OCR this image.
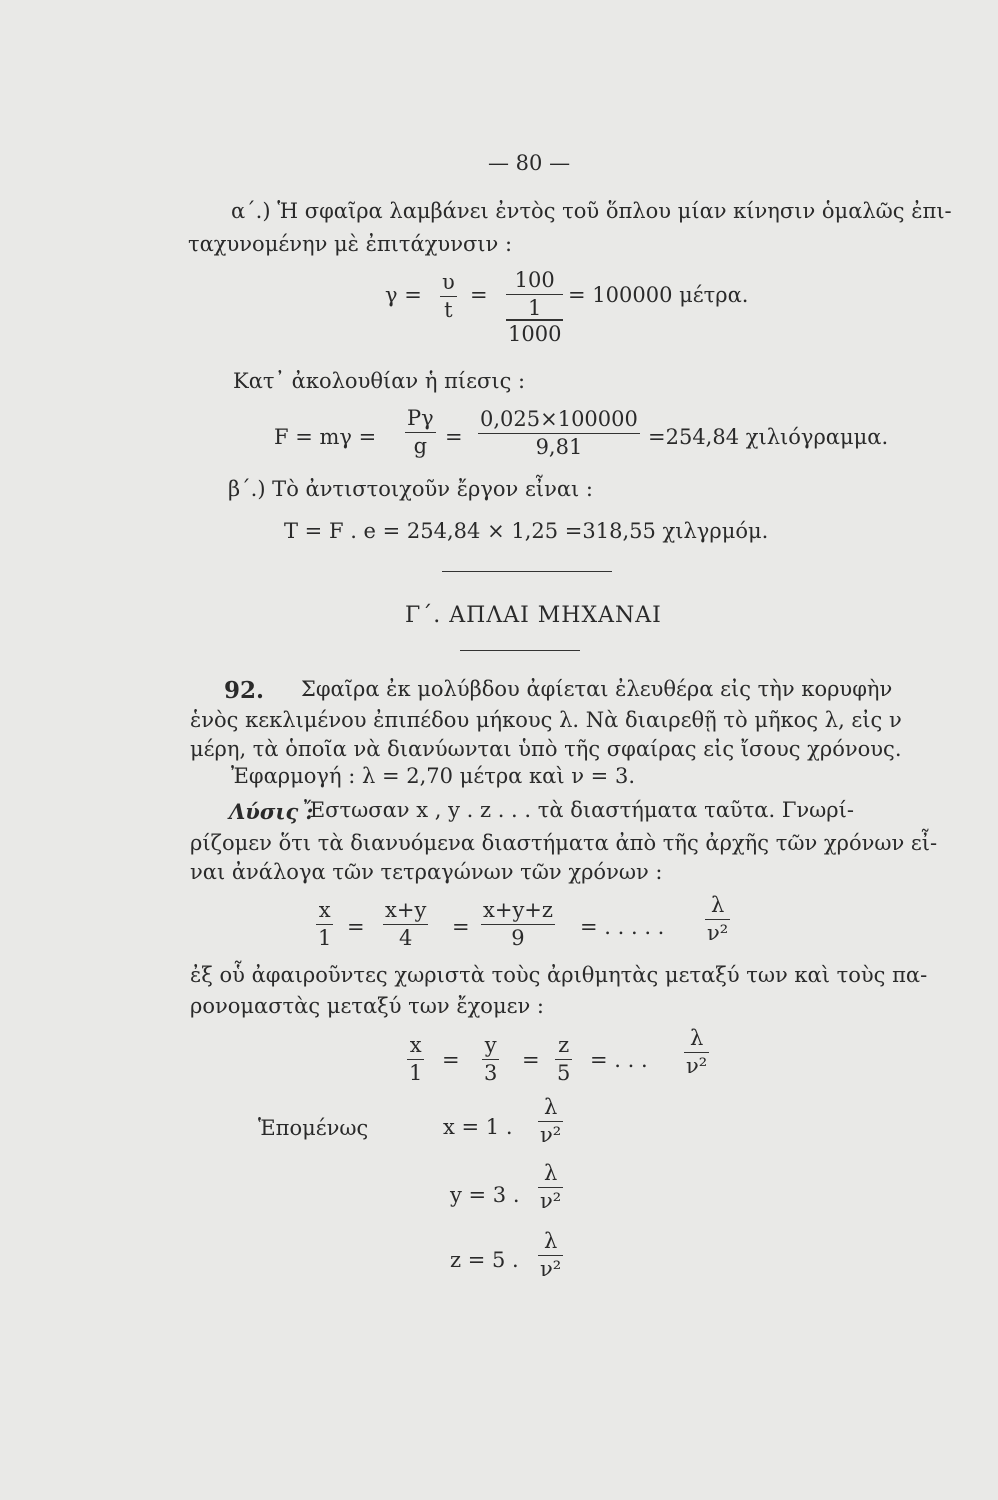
— 80 —
α΄.) Ἡ σφαῖρα λαμβάνει ἐντὸς τοῦ ὅπλου μίαν κίνησιν ὁμαλῶς ἐπι-
ταχυνομένην μὲ ἐπιτάχυνσιν :
γ =
υ
t
=
100
1
1000
= 100000 μέτρα.
Κατ᾽ ἀκολουθίαν ἡ πίεσις :
F = mγ =
Pγ
g =
0,025×100000
9,81	=254,84 χιλιόγραμμα.
β΄.) Τὸ ἀντιστοιχοῦν ἔργον εἶναι :
T = F . e = 254,84 × 1,25 =318,55 χιλγρμόμ.
Γ΄. ΑΠΛΑΙ ΜΗΧΑΝΑΙ
92. Σφαῖρα ἐκ μολύβδου ἀφίεται ἐλευθέρα εἰς τὴν κορυφὴν
ἑνὸς κεκλιμένου ἐπιπέδου μήκους λ. Νὰ διαιρεθῇ τὸ μῆκος λ, εἰς ν
μέρη, τὰ ὁποῖα νὰ διανύωνται ὑπὸ τῆς σφαίρας εἰς ἴσους χρόνους.
Ἐφαρμογή : λ = 2,70 μέτρα καὶ ν = 3.
Λύσις :
Ἔστωσαν x , y . z . . . τὰ διαστήματα ταῦτα. Γνωρί-
ρίζομεν ὅτι τὰ διανυόμενα διαστήματα ἀπὸ τῆς ἀρχῆς τῶν χρόνων εἶ-
ναι ἀνάλογα τῶν τετραγώνων τῶν χρόνων :
x
1 =
x+y
4 =
x+y+z
9	= . . . . .
λ
ν²
ἐξ οὗ ἀφαιροῦντες χωριστὰ τοὺς ἀριθμητὰς μεταξύ των καὶ τοὺς πα-
ρονομαστὰς μεταξύ των ἔχομεν :
x
1
=
y
3
=
z
5
= . . .
λ
ν²
Ἑπομένως	x = 1 .
λ
ν²
y = 3 .
λ
ν²
z = 5 .
λ
ν²
